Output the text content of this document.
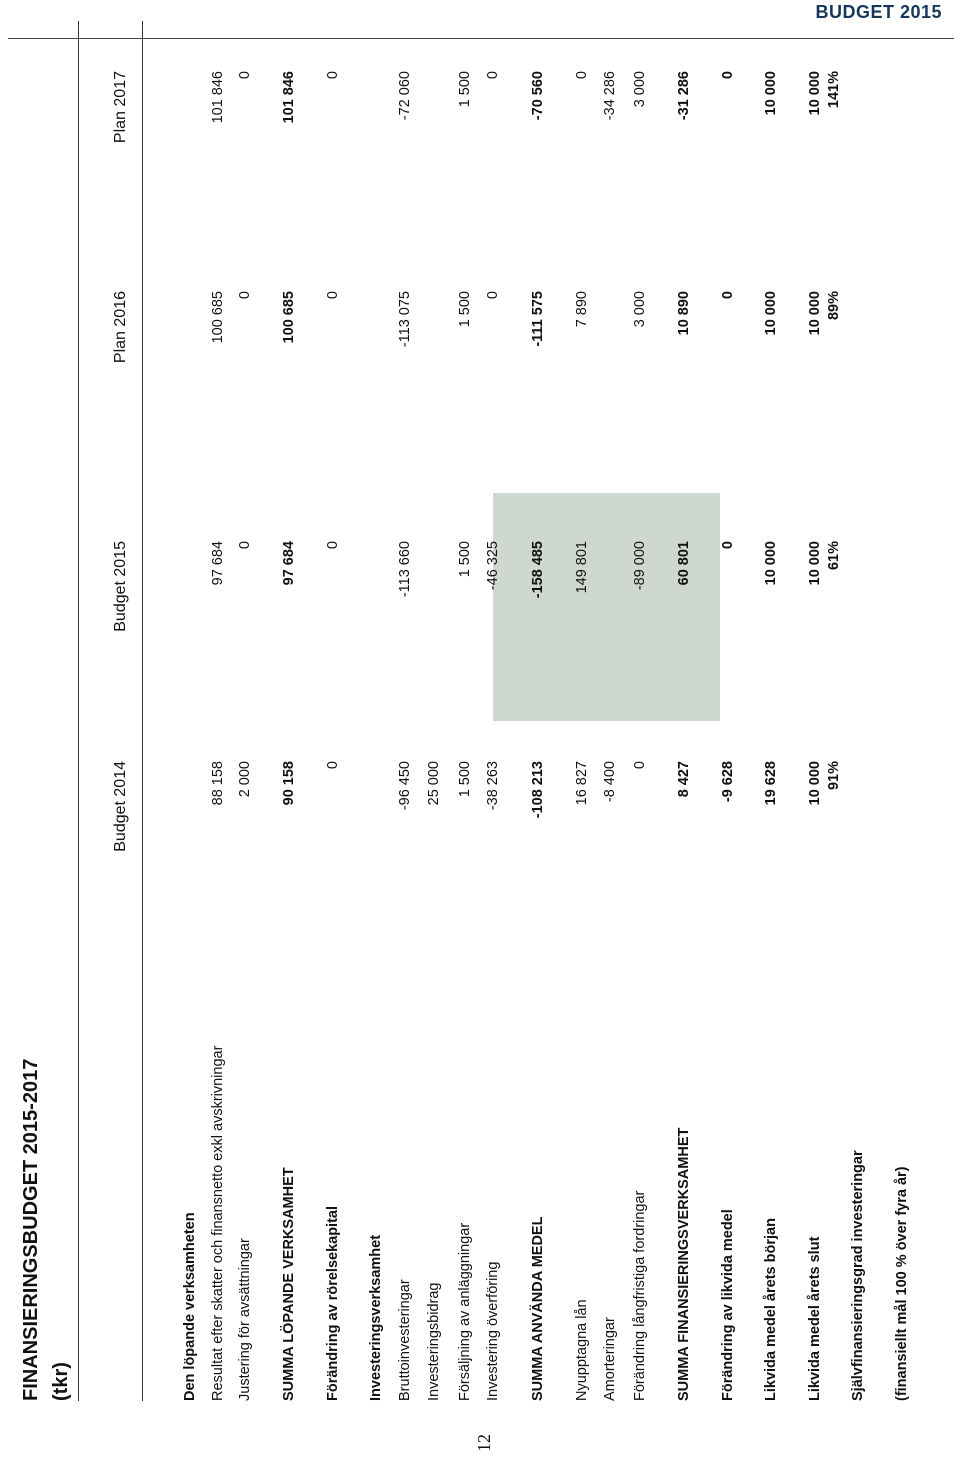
BUDGET 2015
12
FINANSIERINGSBUDGET 2015-2017
(tkr)
Budget 2014
Budget 2015
Plan 2016
Plan 2017
Den löpande verksamheten Resultat efter skatter och finansnetto exkl avskrivningar
88 158
97 684
100 685
101 846
Justering för avsättningar
2 000
0
0
0
SUMMA LÖPANDE VERKSAMHET
90 158
97 684
100 685
101 846
Förändring av rörelsekapital
0
0
0
0
Investeringsverksamhet Bruttoinvesteringar
-96 450
-113 660
-113 075
-72 060
Investeringsbidrag
25 000
Försäljning av anläggningar
1 500
1 500
1 500
1 500
Investering överföring
-38 263
-46 325
0
0
SUMMA ANVÄNDA MEDEL
-108 213
-158 485
-111 575
-70 560
Nyupptagna lån
16 827
149 801
7 890
0
Amorteringar
-8 400
-34 286
Förändring långfristiga fordringar
0
-89 000
3 000
3 000
SUMMA FINANSIERINGSVERKSAMHET
8 427
60 801
10 890
-31 286
Förändring av likvida medel
-9 628
0
0
0
Likvida medel årets början
19 628
10 000
10 000
10 000
Likvida medel årets slut
10 000
10 000
10 000
10 000
Självfinansieringsgrad investeringar
91%
61%
89%
141%
(finansiellt mål 100 % över fyra år)
